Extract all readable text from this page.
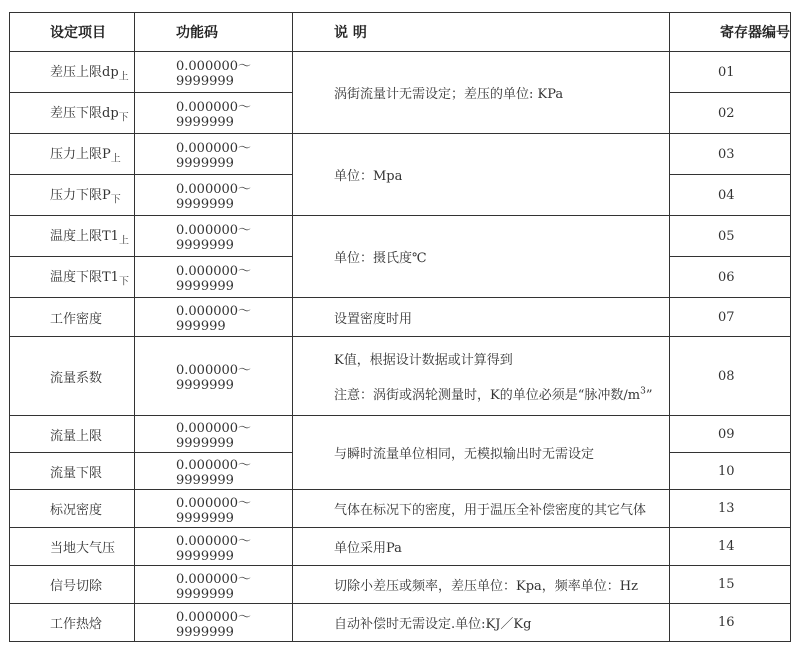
设定项目	功能码	说 明	寄存器编号

差压上限$dp_上$	0.000000～9999999	涡街流量计无需设定；差压的单位: KPa	01
差压下限$dp_下$	0.000000～9999999		02
压力上限$P_上$	0.000000～9999999	单位：Mpa	03
压力下限$P_下$	0.000000～9999999		04
温度上限$T1_上$	0.000000～9999999	单位：摄氏度℃	05
温度下限$T1_下$	0.000000～9999999		06
工作密度	0.000000～999999	设置密度时用	07
流量系数	0.000000～9999999	K值，根据设计数据或计算得到
注意：涡街或涡轮测量时，K的单位必须是“脉冲数$/m^3$”	08
流量上限	0.000000～9999999	与瞬时流量单位相同，无模拟输出时无需设定	09
流量下限	0.000000～9999999		10
标况密度	0.000000～9999999	气体在标况下的密度，用于温压全补偿密度的其它气体	13
当地大气压	0.000000～9999999	单位采用Pa	14
信号切除	0.000000～9999999	切除小差压或频率，差压单位：Kpa，频率单位：Hz	15
工作热焓	0.000000～9999999	自动补偿时无需设定.单位:KJ／Kg	16
